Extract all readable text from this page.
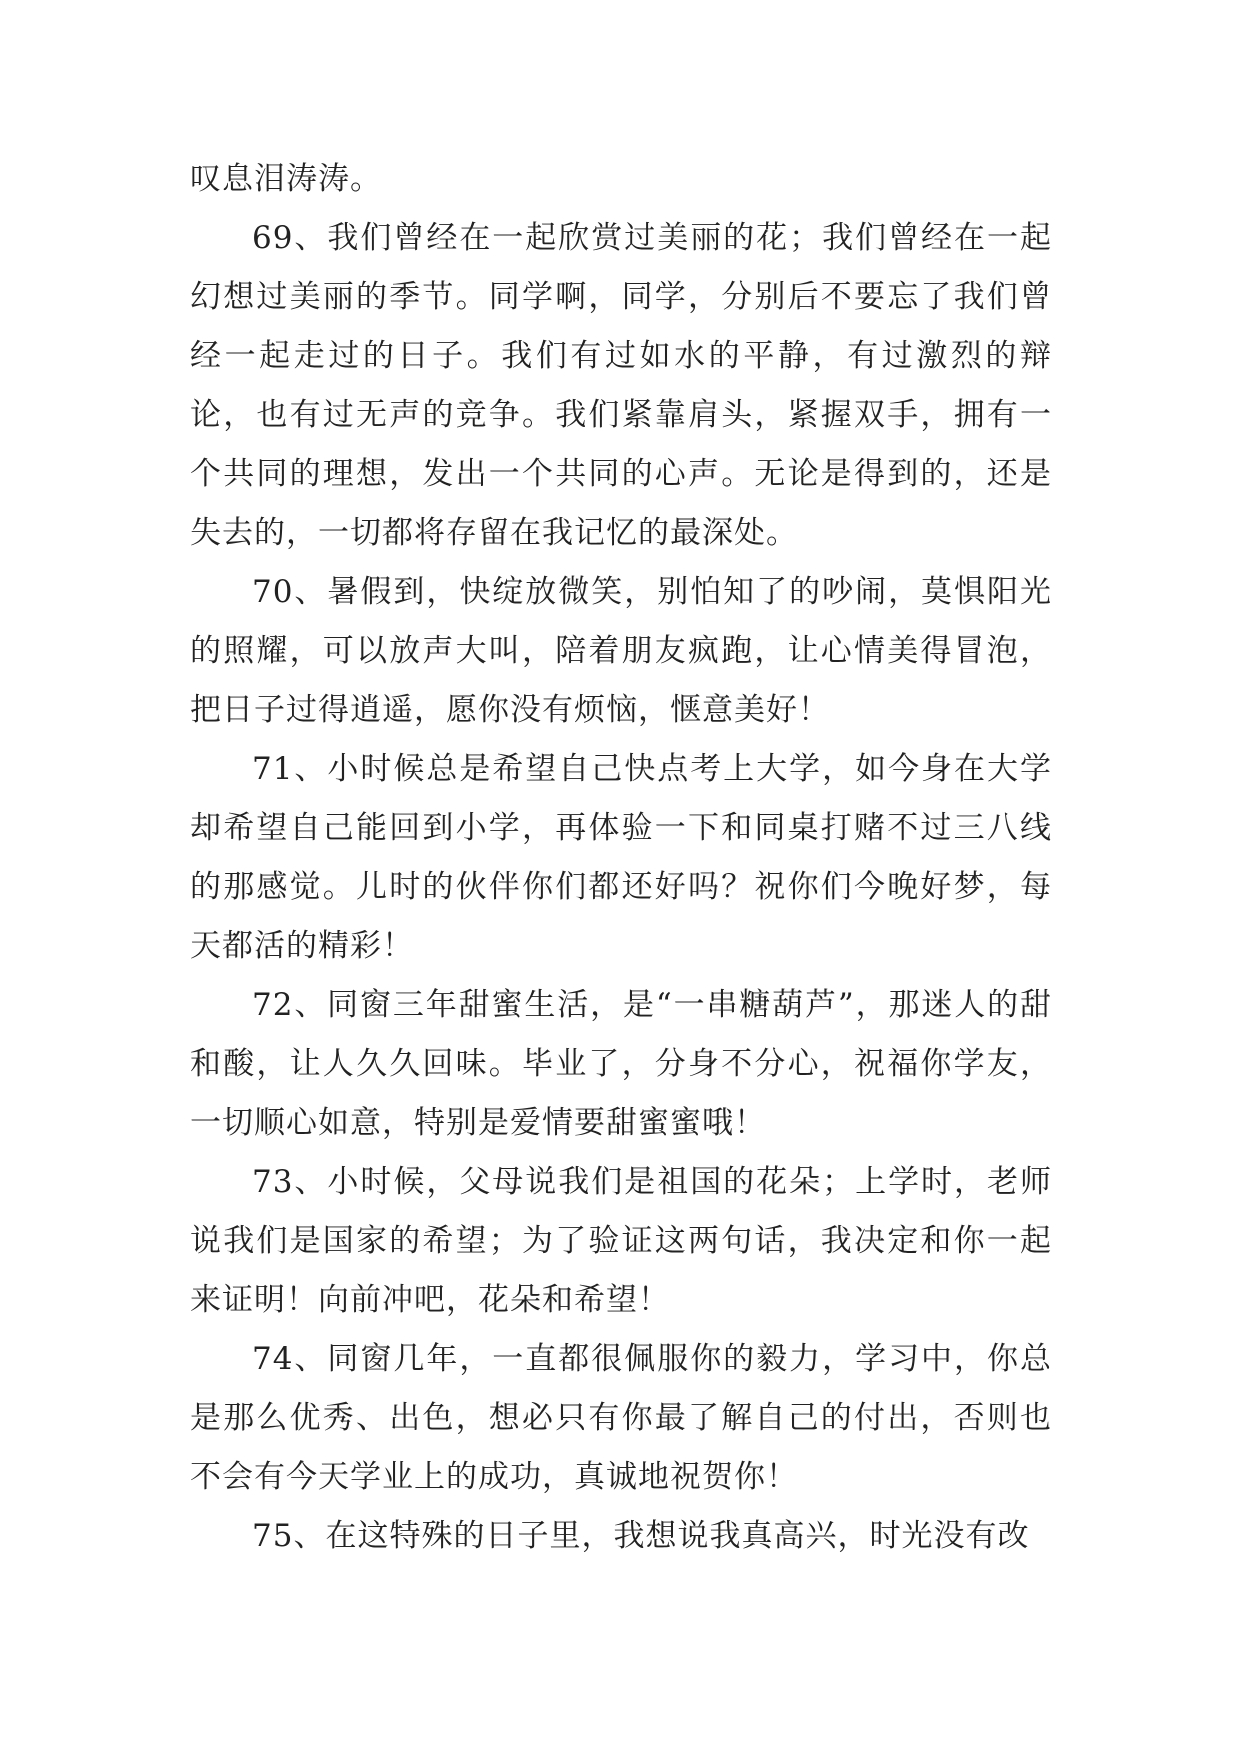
叹息泪涛涛。

69、我们曾经在一起欣赏过美丽的花；我们曾经在一起幻想过美丽的季节。同学啊，同学，分别后不要忘了我们曾经一起走过的日子。我们有过如水的平静，有过激烈的辩论，也有过无声的竞争。我们紧靠肩头，紧握双手，拥有一个共同的理想，发出一个共同的心声。无论是得到的，还是失去的，一切都将存留在我记忆的最深处。

70、暑假到，快绽放微笑，别怕知了的吵闹，莫惧阳光的照耀，可以放声大叫，陪着朋友疯跑，让心情美得冒泡，把日子过得逍遥，愿你没有烦恼，惬意美好！

71、小时候总是希望自己快点考上大学，如今身在大学却希望自己能回到小学，再体验一下和同桌打赌不过三八线的那感觉。儿时的伙伴你们都还好吗？祝你们今晚好梦，每天都活的精彩！

72、同窗三年甜蜜生活，是“一串糖葫芦”，那迷人的甜和酸，让人久久回味。毕业了，分身不分心，祝福你学友，一切顺心如意，特别是爱情要甜蜜蜜哦！

73、小时候，父母说我们是祖国的花朵；上学时，老师说我们是国家的希望；为了验证这两句话，我决定和你一起来证明！向前冲吧，花朵和希望！

74、同窗几年，一直都很佩服你的毅力，学习中，你总是那么优秀、出色，想必只有你最了解自己的付出，否则也不会有今天学业上的成功，真诚地祝贺你！

75、在这特殊的日子里，我想说我真高兴，时光没有改
